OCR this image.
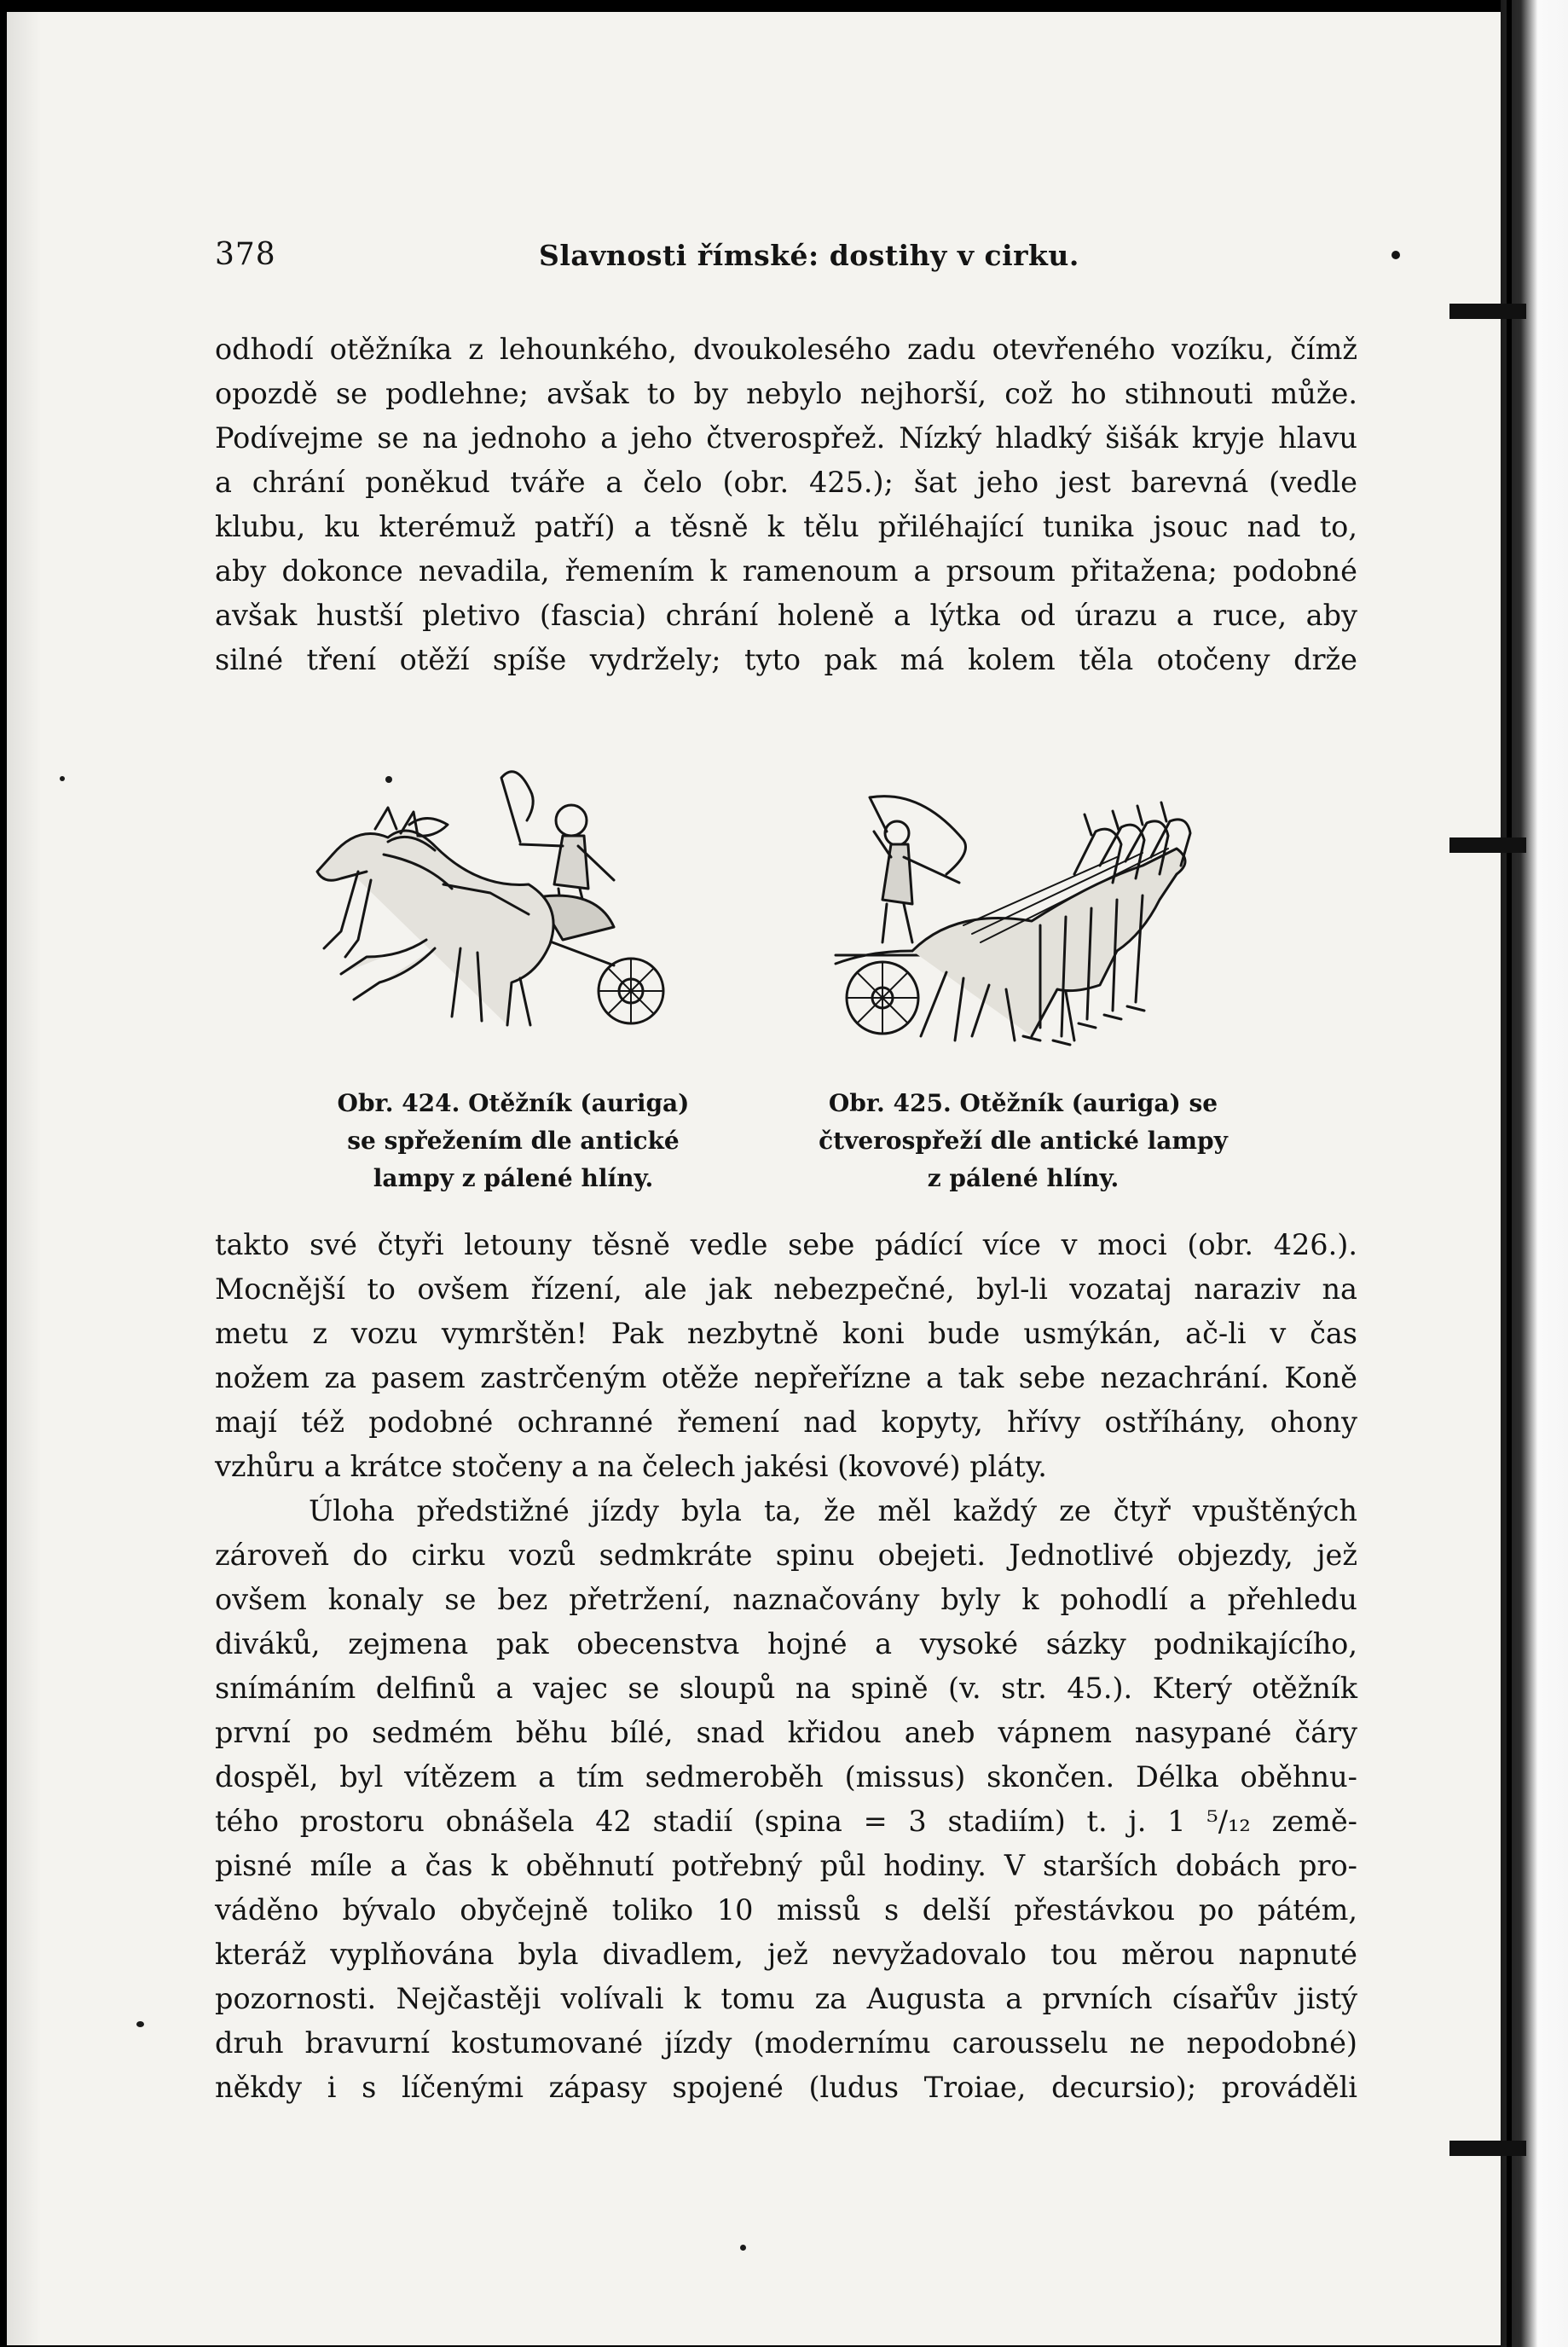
378	Slavnosti římské: dostihy v cirku.
odhodí otěžníka z lehounkého, dvoukolesého zadu otevřeného vozíku, čímž
opozdě se podlehne; avšak to by nebylo nejhorší, což ho stihnouti může.
Podívejme se na jednoho a jeho čtverospřež. Nízký hladký šišák kryje hlavu
a chrání poněkud tváře a čelo (obr. 425.); šat jeho jest barevná (vedle
klubu, ku kterémuž patří) a těsně k tělu přiléhající tunika jsouc nad to,
aby dokonce nevadila, řemením k ramenoum a prsoum přitažena; podobné
avšak hustší pletivo (fascia) chrání holeně a lýtka od úrazu a ruce, aby
silné tření otěží spíše vydržely; tyto pak má kolem těla otočeny drže
Obr. 424. Otěžník (auriga)
se spřežením dle antické
lampy z pálené hlíny.
Obr. 425. Otěžník (auriga) se
čtverospřeží dle antické lampy
z pálené hlíny.
takto své čtyři letouny těsně vedle sebe pádící více v moci (obr. 426.).
Mocnější to ovšem řízení, ale jak nebezpečné, byl-li vozataj naraziv na
metu z vozu vymrštěn! Pak nezbytně koni bude usmýkán, ač-li v čas
nožem za pasem zastrčeným otěže nepřeřízne a tak sebe nezachrání. Koně
mají též podobné ochranné řemení nad kopyty, hřívy ostříhány, ohony
vzhůru a krátce stočeny a na čelech jakési (kovové) pláty.
Úloha předstižné jízdy byla ta, že měl každý ze čtyř vpuštěných
zároveň do cirku vozů sedmkráte spinu obejeti. Jednotlivé objezdy, jež
ovšem konaly se bez přetržení, naznačovány byly k pohodlí a přehledu
diváků, zejmena pak obecenstva hojné a vysoké sázky podnikajícího,
snímáním delfinů a vajec se sloupů na spině (v. str. 45.). Který otěžník
první po sedmém běhu bílé, snad křidou aneb vápnem nasypané čáry
dospěl, byl vítězem a tím sedmeroběh (missus) skončen. Délka oběhnu-
tého prostoru obnášela 42 stadií (spina = 3 stadiím) t. j. 1 ⁵/₁₂ země-
pisné míle a čas k oběhnutí potřebný půl hodiny. V starších dobách pro-
váděno bývalo obyčejně toliko 10 missů s delší přestávkou po pátém,
kteráž vyplňována byla divadlem, jež nevyžadovalo tou měrou napnuté
pozornosti. Nejčastěji volívali k tomu za Augusta a prvních císařův jistý
druh bravurní kostumované jízdy (modernímu carousselu ne nepodobné)
někdy i s líčenými zápasy spojené (ludus Troiae, decursio); prováděli
